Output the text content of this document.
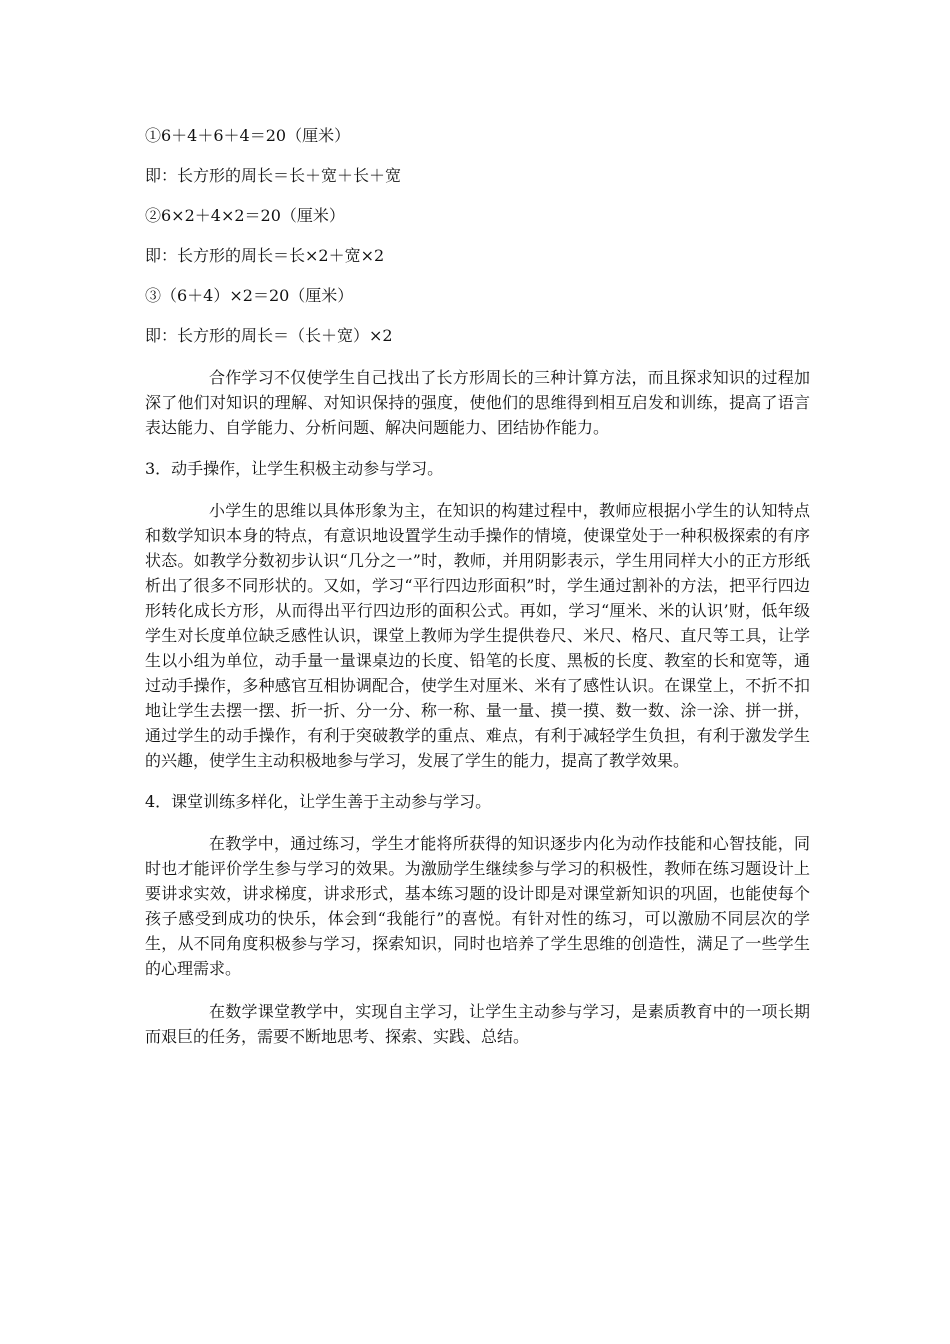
①6＋4＋6＋4＝20（厘米）
即：长方形的周长＝长＋宽＋长＋宽
②6×2＋4×2＝20（厘米）
即：长方形的周长＝长×2＋宽×2
③（6＋4）×2＝20（厘米）
即：长方形的周长＝（长＋宽）×2

合作学习不仅使学生自己找出了长方形周长的三种计算方法，而且探求知识的过程加深了他们对知识的理解、对知识保持的强度，使他们的思维得到相互启发和训练，提高了语言表达能力、自学能力、分析问题、解决问题能力、团结协作能力。

3．动手操作，让学生积极主动参与学习。

小学生的思维以具体形象为主，在知识的构建过程中，教师应根据小学生的认知特点和数学知识本身的特点，有意识地设置学生动手操作的情境，使课堂处于一种积极探索的有序状态。如教学分数初步认识“几分之一”时，教师，并用阴影表示，学生用同样大小的正方形纸析出了很多不同形状的。又如，学习“平行四边形面积”时，学生通过割补的方法，把平行四边形转化成长方形，从而得出平行四边形的面积公式。再如，学习“厘米、米的认识’财，低年级学生对长度单位缺乏感性认识，课堂上教师为学生提供卷尺、米尺、格尺、直尺等工具，让学生以小组为单位，动手量一量课桌边的长度、铅笔的长度、黑板的长度、教室的长和宽等，通过动手操作，多种感官互相协调配合，使学生对厘米、米有了感性认识。在课堂上，不折不扣地让学生去摆一摆、折一折、分一分、称一称、量一量、摸一摸、数一数、涂一涂、拼一拼，通过学生的动手操作，有利于突破教学的重点、难点，有利于减轻学生负担，有利于激发学生的兴趣，使学生主动积极地参与学习，发展了学生的能力，提高了教学效果。

4．课堂训练多样化，让学生善于主动参与学习。

在教学中，通过练习，学生才能将所获得的知识逐步内化为动作技能和心智技能，同时也才能评价学生参与学习的效果。为激励学生继续参与学习的积极性，教师在练习题设计上要讲求实效，讲求梯度，讲求形式，基本练习题的设计即是对课堂新知识的巩固，也能使每个孩子感受到成功的快乐，体会到“我能行”的喜悦。有针对性的练习，可以激励不同层次的学生，从不同角度积极参与学习，探索知识，同时也培养了学生思维的创造性，满足了一些学生的心理需求。

在数学课堂教学中，实现自主学习，让学生主动参与学习，是素质教育中的一项长期而艰巨的任务，需要不断地思考、探索、实践、总结。
